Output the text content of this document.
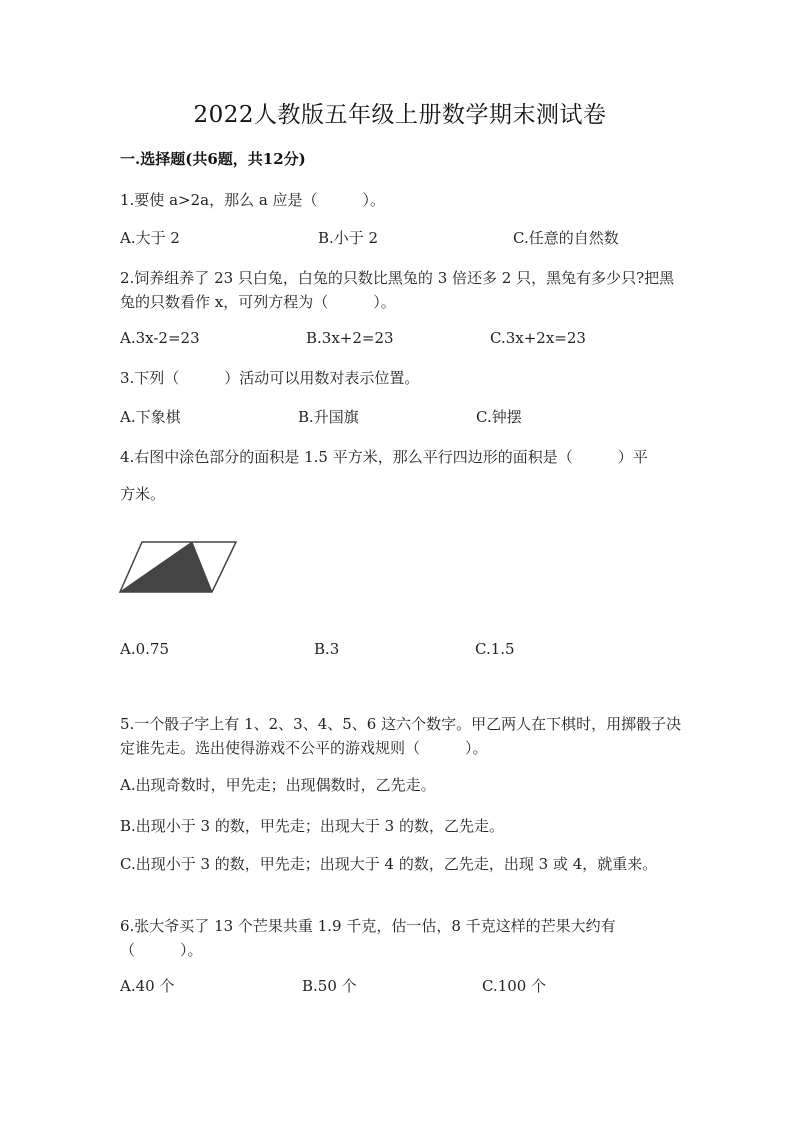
2022人教版五年级上册数学期末测试卷
一.选择题(共6题，共12分)
1.要使 a>2a，那么 a 应是（　　　）。
A.大于 2	B.小于 2	C.任意的自然数
2.饲养组养了 23 只白兔，白兔的只数比黑兔的 3 倍还多 2 只，黑兔有多少只?把黑兔的只数看作 x，可列方程为（　　　）。
A.3x-2=23	B.3x+2=23	C.3x+2x=23
3.下列（　　　）活动可以用数对表示位置。
A.下象棋	B.升国旗	C.钟摆
4.右图中涂色部分的面积是 1.5 平方米，那么平行四边形的面积是（　　　）平
方米。
A.0.75	B.3	C.1.5
5.一个骰子字上有 1、2、3、4、5、6 这六个数字。甲乙两人在下棋时，用掷骰子决定谁先走。选出使得游戏不公平的游戏规则（　　　）。
A.出现奇数时，甲先走；出现偶数时，乙先走。
B.出现小于 3 的数，甲先走；出现大于 3 的数，乙先走。
C.出现小于 3 的数，甲先走；出现大于 4 的数，乙先走，出现 3 或 4，就重来。
6.张大爷买了 13 个芒果共重 1.9 千克，估一估，8 千克这样的芒果大约有（　　　）。
A.40 个	B.50 个	C.100 个
